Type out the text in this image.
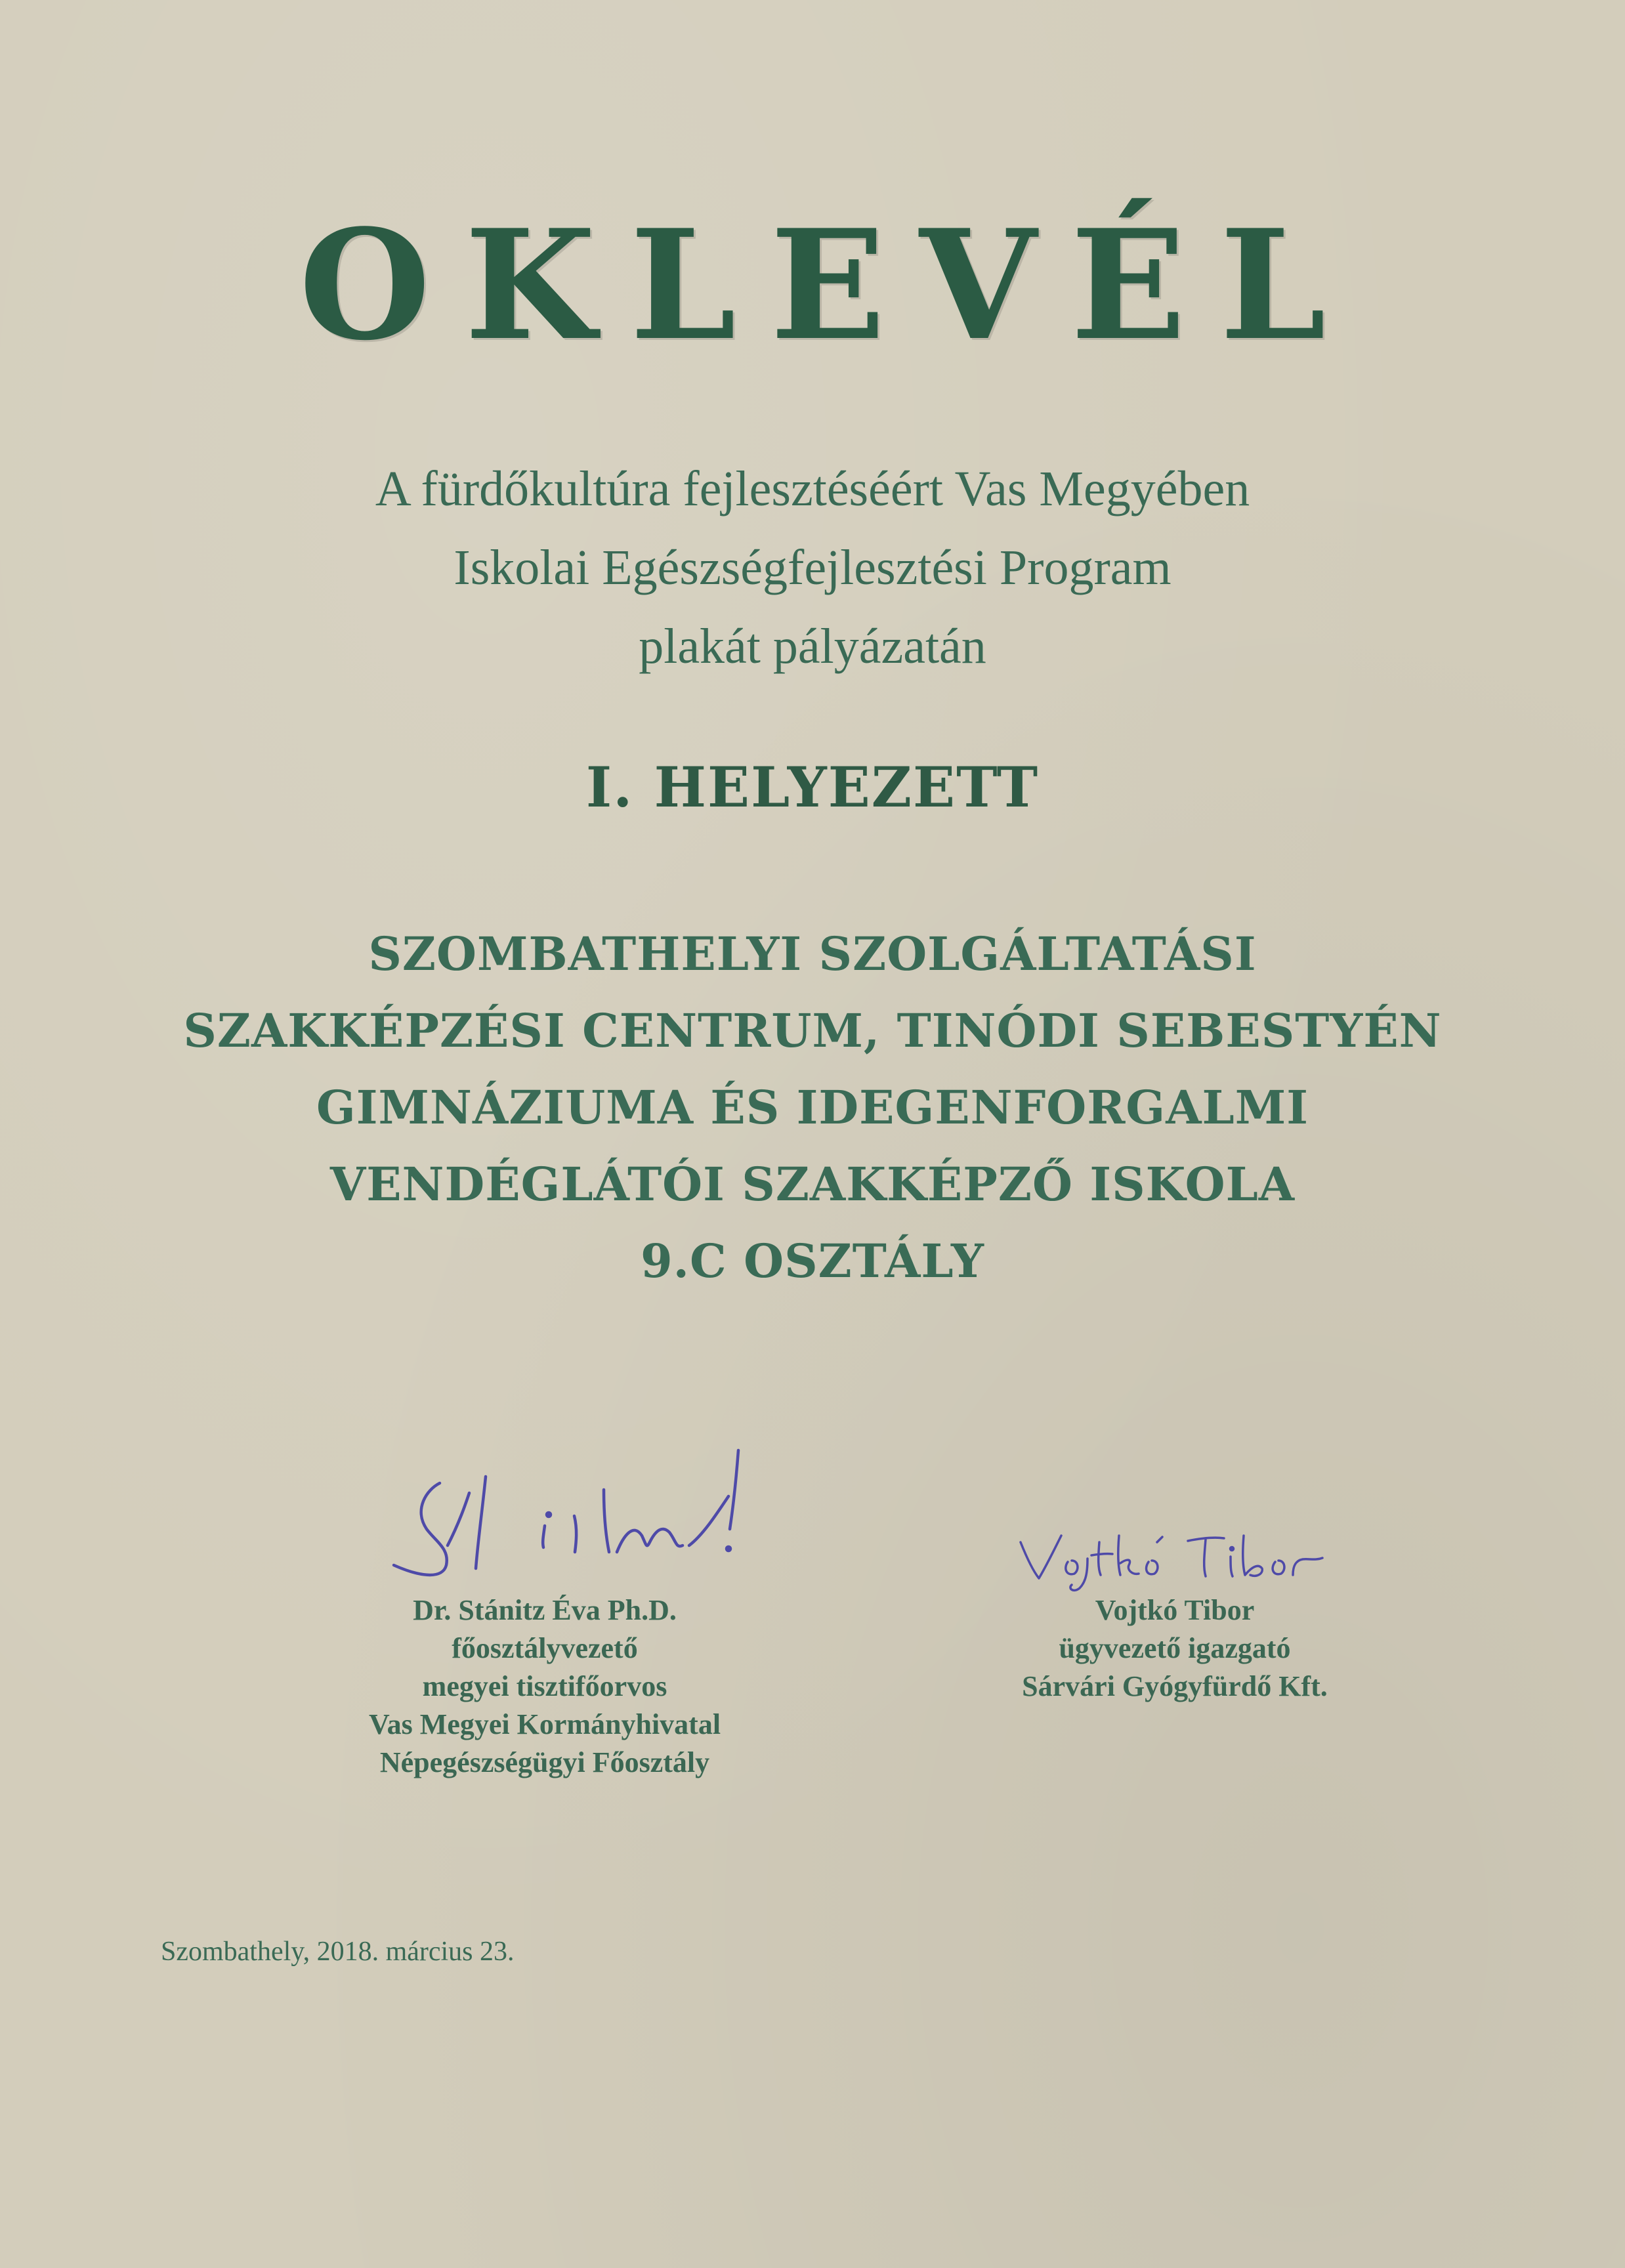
OKLEVÉL
A fürdőkultúra fejlesztéséért Vas Megyében
Iskolai Egészségfejlesztési Program
plakát pályázatán
I. HELYEZETT
SZOMBATHELYI SZOLGÁLTATÁSI
SZAKKÉPZÉSI CENTRUM, TINÓDI SEBESTYÉN
GIMNÁZIUMA ÉS IDEGENFORGALMI
VENDÉGLÁTÓI SZAKKÉPZŐ ISKOLA
9.C OSZTÁLY
Dr. Stánitz Éva Ph.D.
főosztályvezető
megyei tisztifőorvos
Vas Megyei Kormányhivatal
Népegészségügyi Főosztály
Vojtkó Tibor
ügyvezető igazgató
Sárvári Gyógyfürdő Kft.
Szombathely, 2018. március 23.
